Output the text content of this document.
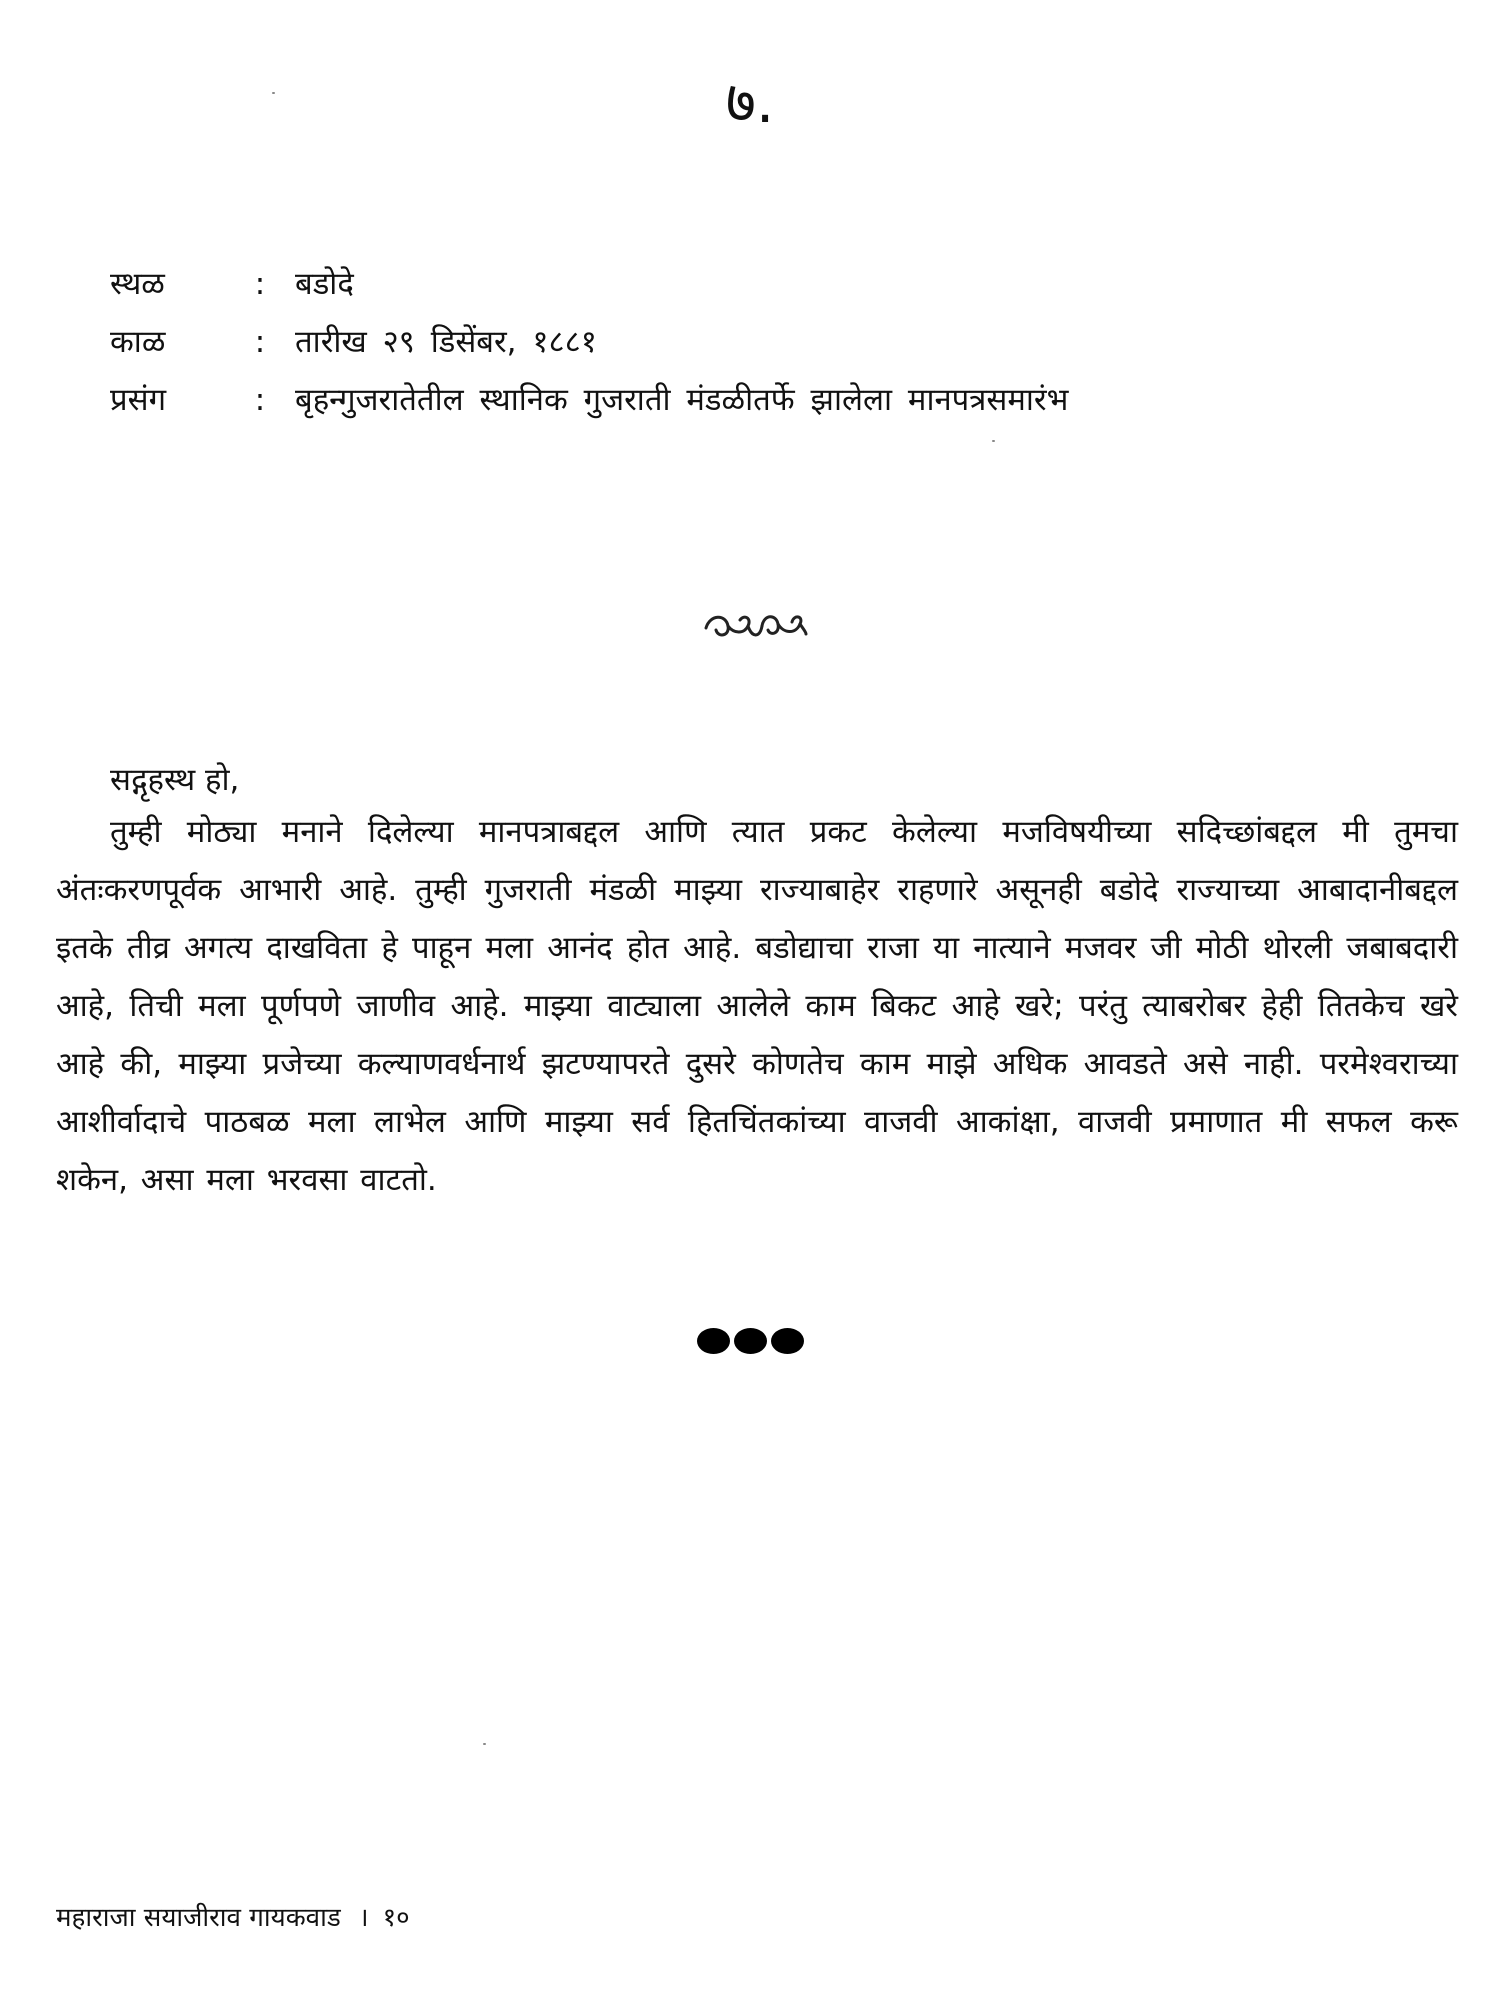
७.
स्थळ	: बडोदे
काळ	: तारीख २९ डिसेंबर, १८८१
प्रसंग	: बृहन्गुजरातेतील स्थानिक गुजराती मंडळीतर्फे झालेला मानपत्रसमारंभ
सद्गृहस्थ हो,

तुम्ही मोठ्या मनाने दिलेल्या मानपत्राबद्दल आणि त्यात प्रकट केलेल्या मजविषयीच्या सदिच्छांबद्दल मी तुमचा अंतःकरणपूर्वक आभारी आहे. तुम्ही गुजराती मंडळी माझ्या राज्याबाहेर राहणारे असूनही बडोदे राज्याच्या आबादानीबद्दल इतके तीव्र अगत्य दाखविता हे पाहून मला आनंद होत आहे. बडोद्याचा राजा या नात्याने मजवर जी मोठी थोरली जबाबदारी आहे, तिची मला पूर्णपणे जाणीव आहे. माझ्या वाट्याला आलेले काम बिकट आहे खरे; परंतु त्याबरोबर हेही तितकेच खरे आहे की, माझ्या प्रजेच्या कल्याणवर्धनार्थ झटण्यापरते दुसरे कोणतेच काम माझे अधिक आवडते असे नाही. परमेश्वराच्या आशीर्वादाचे पाठबळ मला लाभेल आणि माझ्या सर्व हितचिंतकांच्या वाजवी आकांक्षा, वाजवी प्रमाणात मी सफल करू शकेन, असा मला भरवसा वाटतो.

महाराजा सयाजीराव गायकवाड । १०
